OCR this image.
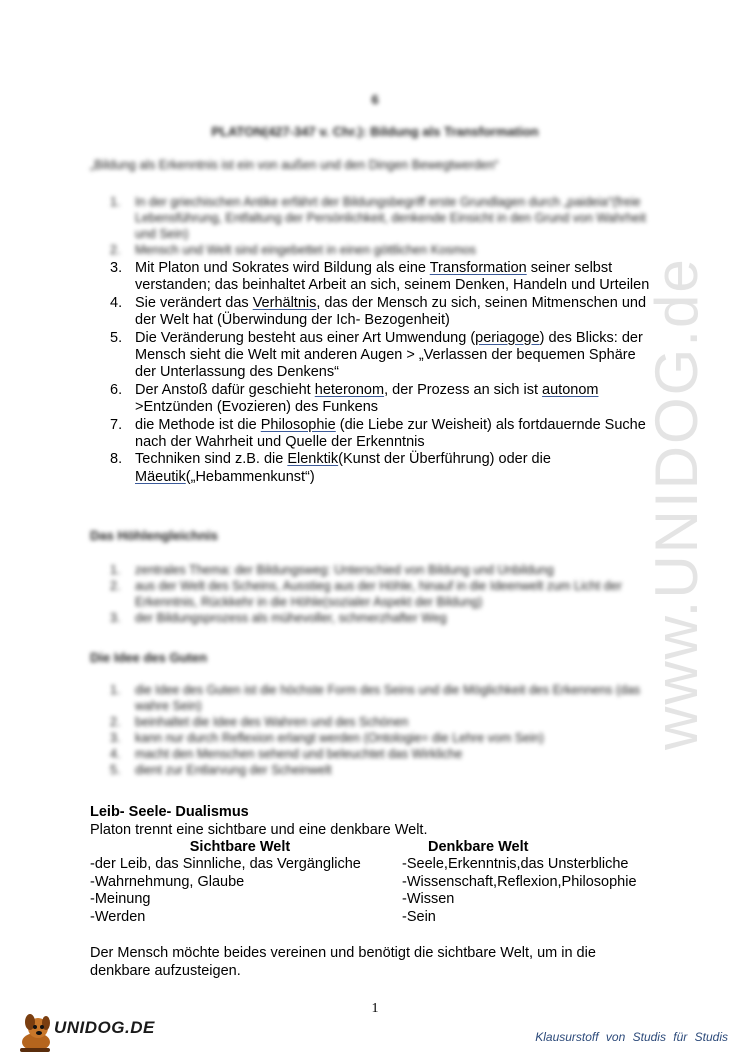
www.UNIDOG.de
6
PLATON(427-347 v. Chr.): Bildung als Transformation
„Bildung als Erkenntnis ist ein von außen und den Dingen Bewegtwerden“
1. In der griechischen Antike erfährt der Bildungsbegriff erste Grundlagen durch „paideia“(freie Lebensführung, Entfaltung der Persönlichkeit, denkende Einsicht in den Grund von Wahrheit und Sein)
2. Mensch und Welt sind eingebettet in einen göttlichen Kosmos
3. Mit Platon und Sokrates wird Bildung als eine Transformation seiner selbst verstanden; das beinhaltet Arbeit an sich, seinem Denken, Handeln und Urteilen
4. Sie verändert das Verhältnis, das der Mensch zu sich, seinen Mitmenschen und der Welt hat (Überwindung der Ich- Bezogenheit)
5. Die Veränderung besteht aus einer Art Umwendung (periagoge) des Blicks: der Mensch sieht die Welt mit anderen Augen > „Verlassen der bequemen Sphäre der Unterlassung des Denkens“
6. Der Anstoß dafür geschieht heteronom, der Prozess an sich ist autonom >Entzünden (Evozieren) des Funkens
7. die Methode ist die Philosophie (die Liebe zur Weisheit) als fortdauernde Suche nach der Wahrheit und Quelle der Erkenntnis
8. Techniken sind z.B. die Elenktik(Kunst der Überführung) oder die Mäeutik(„Hebammenkunst“)
Das Höhlengleichnis
1. zentrales Thema: der Bildungsweg: Unterschied von Bildung und Unbildung
2. aus der Welt des Scheins, Ausstieg aus der Höhle, hinauf in die Ideenwelt zum Licht der Erkenntnis, Rückkehr in die Höhle(sozialer Aspekt der Bildung)
3. der Bildungsprozess als mühevoller, schmerzhafter Weg
Die Idee des Guten
1. die Idee des Guten ist die höchste Form des Seins und die Möglichkeit des Erkennens (das wahre Sein)
2. beinhaltet die Idee des Wahren und des Schönen
3. kann nur durch Reflexion erlangt werden (Ontologie= die Lehre vom Sein)
4. macht den Menschen sehend und beleuchtet das Wirkliche
5. dient zur Entlarvung der Scheinwelt
Leib- Seele- Dualismus
Platon trennt eine sichtbare und eine denkbare Welt.
Sichtbare Welt
-der Leib, das Sinnliche, das Vergängliche
-Wahrnehmung, Glaube
-Meinung
-Werden
Denkbare Welt
-Seele,Erkenntnis,das Unsterbliche
-Wissenschaft,Reflexion,Philosophie
-Wissen
-Sein
Der Mensch möchte beides vereinen und benötigt die sichtbare Welt, um in die denkbare aufzusteigen.
1
UNIDOG.DE	Klausurstoff von Studis für Studis
